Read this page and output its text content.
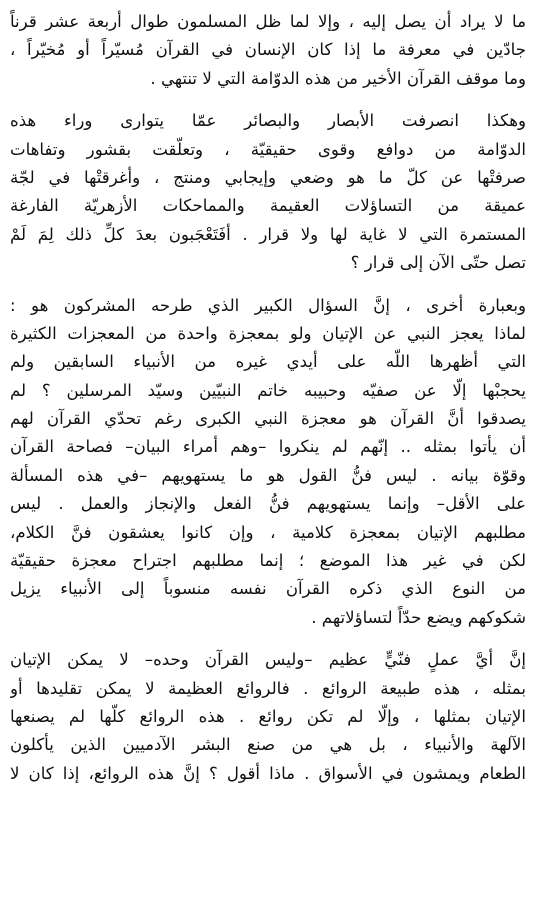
ما لا يراد أن يصل إليه ، وإلا لما ظل المسلمون طوال أربعة عشر قرناً
جادّين في معرفة ما إذا كان الإنسان في القرآن مُسيّراً أو مُخيّراً ،
وما موقف القرآن الأخير من هذه الدوّامة التي لا تنتهي .
وهكذا انصرفت الأبصار والبصائر عمّا يتوارى وراء هذه
الدوّامة من دوافع وقوى حقيقيّة ، وتعلّقت بقشور وتفاهات
صرفتْها عن كلّ ما هو وضعي وإيجابي ومنتج ، وأغرقتْها في لجّة
عميقة من التساؤلات العقيمة والمماحكات الأزهريّة الفارغة
المستمرة التي لا غاية لها ولا قرار . أفَتَعْجَبون بعدَ كلِّ ذلك لِمَ لَمْ
تصل حتّى الآن إلى قرار ؟
وبعبارة أخرى ، إنَّ السؤال الكبير الذي طرحه المشركون هو :
لماذا يعجز النبي عن الإتيان ولو بمعجزة واحدة من المعجزات الكثيرة
التي أظهرها اللّه على أيدي غيره من الأنبياء السابقين ولم
يحجبْها إلّا عن صفيّه وحبيبه خاتم النبيّين وسيّد المرسلين ؟ لم
يصدقوا أنَّ القرآن هو معجزة النبي الكبرى رغم تحدّي القرآن لهم
أن يأتوا بمثله .. إنّهم لم ينكروا –وهم أمراء البيان– فصاحة القرآن
وقوّة بيانه . ليس فنُّ القول هو ما يستهويهم –في هذه المسألة
على الأقل– وإنما يستهويهم فنُّ الفعل والإنجاز والعمل . ليس
مطلبهم الإتيان بمعجزة كلامية ، وإن كانوا يعشقون فنَّ الكلام،
لكن في غير هذا الموضع ؛ إنما مطلبهم اجتراح معجزة حقيقيّة
من النوع الذي ذكره القرآن نفسه منسوباً إلى الأنبياء يزيل
شكوكهم ويضع حدّاً لتساؤلاتهم .
إنَّ أيَّ عملٍ فنّيٍّ عظيم –وليس القرآن وحده– لا يمكن الإتيان
بمثله ، هذه طبيعة الروائع . فالروائع العظيمة لا يمكن تقليدها أو
الإتيان بمثلها ، وإلّا لم تكن روائع . هذه الروائع كلّها لم يصنعها
الآلهة والأنبياء ، بل هي من صنع البشر الآدميين الذين يأكلون
الطعام ويمشون في الأسواق . ماذا أقول ؟ إنَّ هذه الروائع، إذا كان لا
